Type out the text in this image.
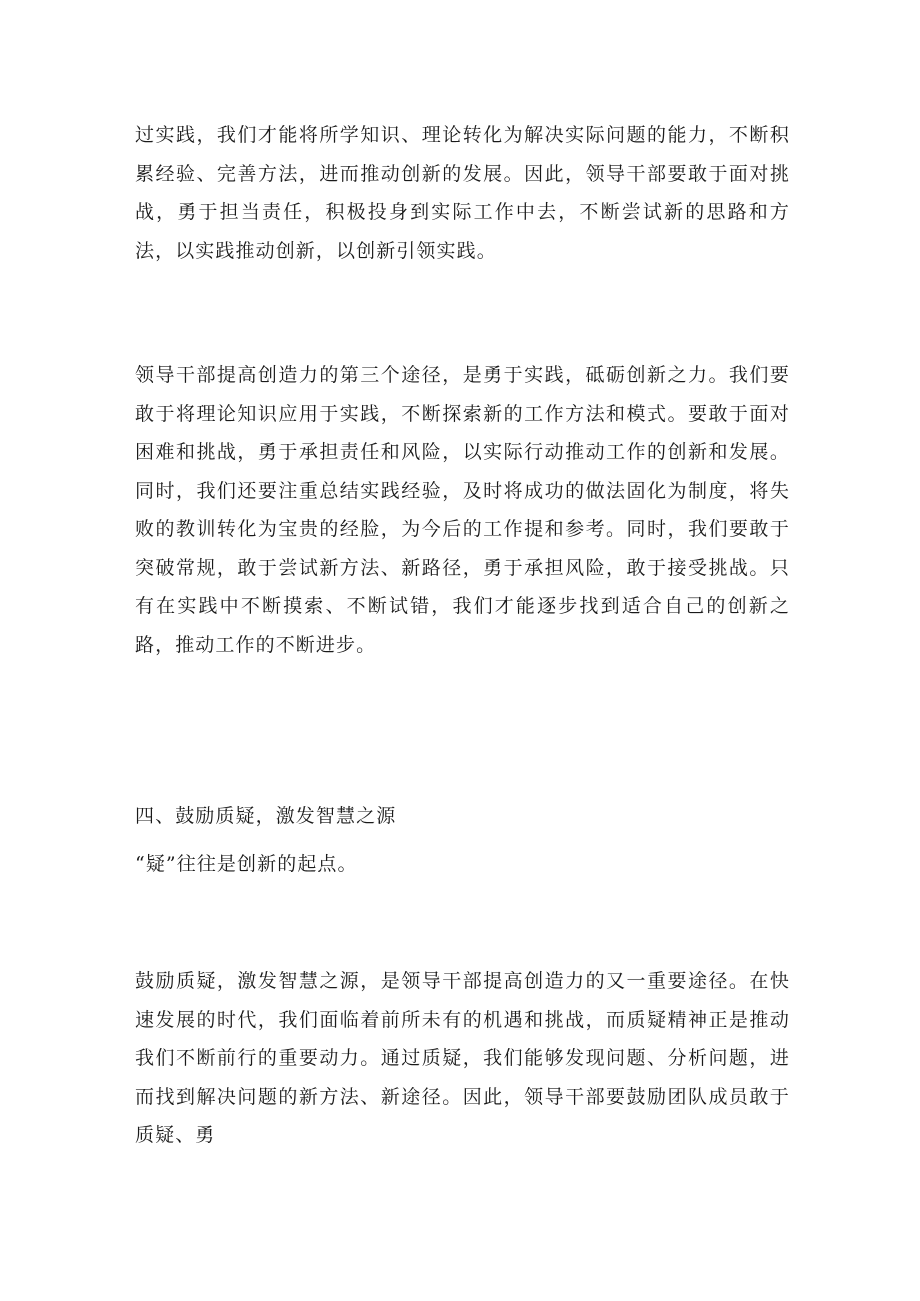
过实践，我们才能将所学知识、理论转化为解决实际问题的能力，不断积累经验、完善方法，进而推动创新的发展。因此，领导干部要敢于面对挑战，勇于担当责任，积极投身到实际工作中去，不断尝试新的思路和方法，以实践推动创新，以创新引领实践。

领导干部提高创造力的第三个途径，是勇于实践，砥砺创新之力。我们要敢于将理论知识应用于实践，不断探索新的工作方法和模式。要敢于面对困难和挑战，勇于承担责任和风险，以实际行动推动工作的创新和发展。同时，我们还要注重总结实践经验，及时将成功的做法固化为制度，将失败的教训转化为宝贵的经脸，为今后的工作提和参考。同时，我们要敢于突破常规，敢于尝试新方法、新路径，勇于承担风险，敢于接受挑战。只有在实践中不断摸索、不断试错，我们才能逐步找到适合自己的创新之路，推动工作的不断进步。

四、鼓励质疑，激发智慧之源

“疑”往往是创新的起点。

鼓励质疑，激发智慧之源，是领导干部提高创造力的又一重要途径。在快速发展的时代，我们面临着前所未有的机遇和挑战，而质疑精神正是推动我们不断前行的重要动力。通过质疑，我们能够发现问题、分析问题，进而找到解决问题的新方法、新途径。因此，领导干部要鼓励团队成员敢于质疑、勇
